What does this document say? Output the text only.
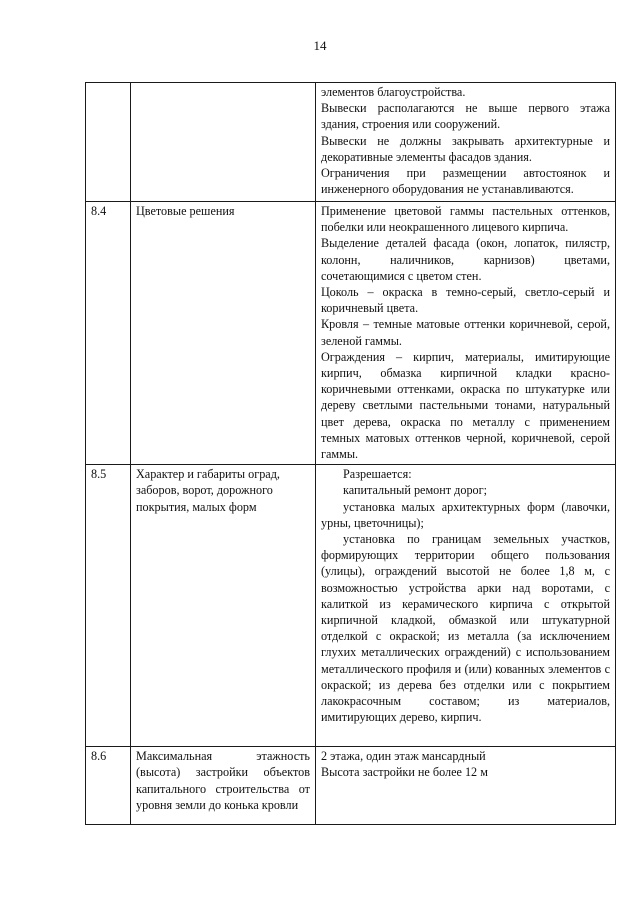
14

		элементов благоустройства.
Вывески располагаются не выше первого этажа здания, строения или сооружений.
Вывески не должны закрывать архитектурные и декоративные элементы фасадов здания.
Ограничения при размещении автостоянок и инженерного оборудования не устанавливаются.

8.4	Цветовые решения	Применение цветовой гаммы пастельных оттенков, побелки или неокрашенного лицевого кирпича.
Выделение деталей фасада (окон, лопаток, пилястр, колонн, наличников, карнизов) цветами, сочетающимися с цветом стен.
Цоколь – окраска в темно-серый, светло-серый и коричневый цвета.
Кровля – темные матовые оттенки коричневой, серой, зеленой гаммы.
Ограждения – кирпич, материалы, имитирующие кирпич, обмазка кирпичной кладки красно-коричневыми оттенками, окраска по штукатурке или дереву светлыми пастельными тонами, натуральный цвет дерева, окраска по металлу с применением темных матовых оттенков черной, коричневой, серой гаммы.

8.5	Характер и габариты оград, заборов, ворот, дорожного покрытия, малых форм	Разрешается:
капитальный ремонт дорог;
установка малых архитектурных форм (лавочки, урны, цветочницы);
установка по границам земельных участков, формирующих территории общего пользования (улицы), ограждений высотой не более 1,8 м, с возможностью устройства арки над воротами, с калиткой из керамического кирпича с открытой кирпичной кладкой, обмазкой или штукатурной отделкой с окраской; из металла (за исключением глухих металлических ограждений) с использованием металлического профиля и (или) кованных элементов с окраской; из дерева без отделки или с покрытием лакокрасочным составом; из материалов, имитирующих дерево, кирпич.

8.6	Максимальная этажность (высота) застройки объектов капитального строительства от уровня земли до конька кровли	2 этажа, один этаж мансардный
Высота застройки не более 12 м
